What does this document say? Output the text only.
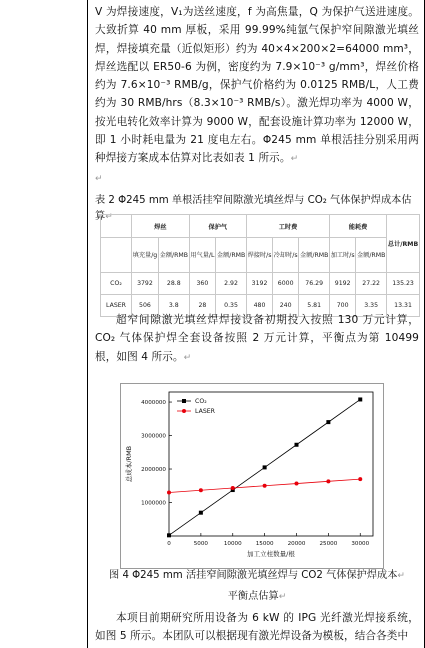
V 为焊接速度，V₁为送丝速度，f 为高焦量，Q 为保护气送进速度。大致折算 40 mm 厚板，采用 99.99%纯氩气保护窄间隙激光填丝焊，焊接填充量（近似矩形）约为 40×4×200×2=64000 mm³，焊丝选配以 ER50-6 为例，密度约为 7.9×10⁻³ g/mm³，焊丝价格约为 7.6×10⁻³ RMB/g，保护气价格约为 0.0125 RMB/L，人工费约为 30 RMB/hrs（8.3×10⁻³ RMB/s）。激光焊功率为 4000 W，按光电转化效率计算为 9000 W，配套设施计算功率为 12000 W，即 1 小时耗电量为 21 度电左右。Φ245 mm 单根活挂分别采用两种焊接方案成本估算对比表如表 1 所示。↵
↵
表 2 Φ245 mm 单根活挂窄间隙激光填丝焊与 CO₂ 气体保护焊成本估算↵
	焊丝		保护气		工时费			能耗费		总计/RMB
	填充量/g	金额/RMB	用气量/L	金额/RMB	焊接时/s	冷却时/s	金额/RMB	加工时/s	金额/RMB	
CO₂	3792	28.8	360	2.92	3192	6000	76.29	9192	27.22	135.23
LASER	506	3.8	28	0.35	480	240	5.81	700	3.35	13.31
超窄间隙激光填丝焊焊接设备初期投入按照 130 万元计算，CO₂ 气体保护焊全套设备按照 2 万元计算，平衡点为第 10499 根，如图 4 所示。↵
0	5000	10000	15000	20000	25000	30000
1000000
2000000
3000000
4000000	CO₂
LASER
加工立柱数量/根
总成本/RMB
图 4 Φ245 mm 活挂窄间隙激光填丝焊与 CO2 气体保护焊成本↵
平衡点估算↵
本项目前期研究所用设备为 6 kW 的 IPG 光纤激光焊接系统，如图 5 所示。本团队可以根据现有激光焊设备为模板，结合各类中
